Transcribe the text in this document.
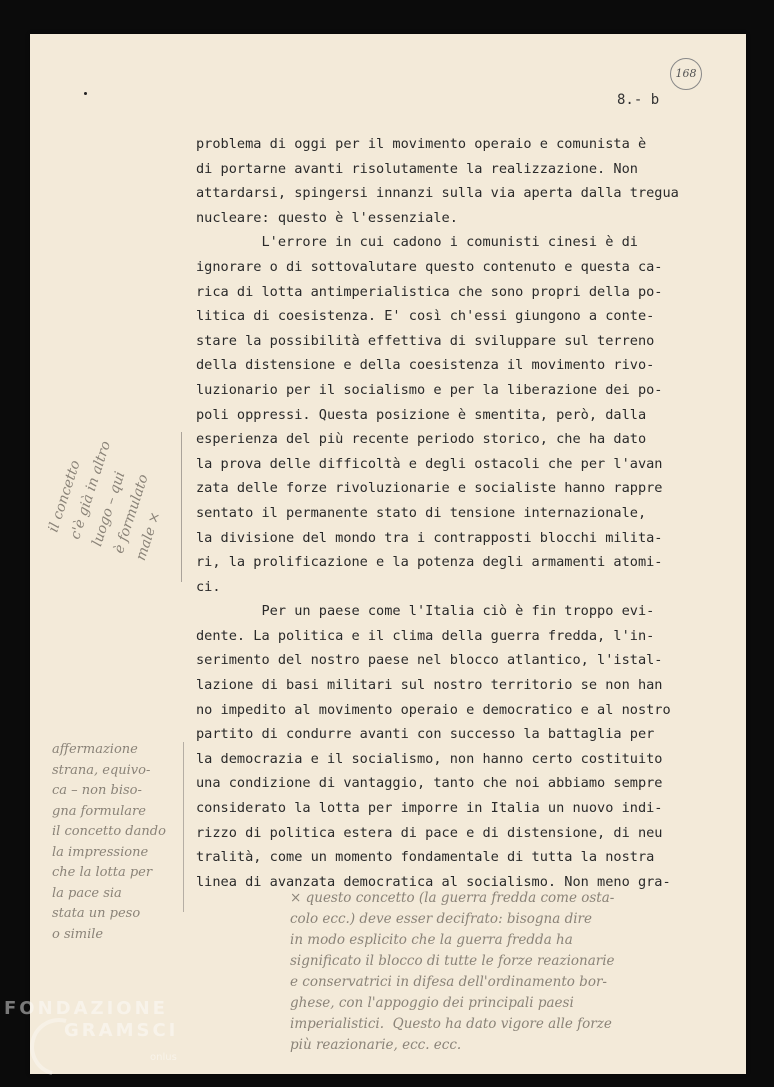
8.- b
168
problema di oggi per il movimento operaio e comunista è
di portarne avanti risolutamente la realizzazione. Non
attardarsi, spingersi innanzi sulla via aperta dalla tregua
nucleare: questo è l'essenziale.
L'errore in cui cadono i comunisti cinesi è di
ignorare o di sottovalutare questo contenuto e questa ca-
rica di lotta antimperialistica che sono propri della po-
litica di coesistenza. E' così ch'essi giungono a conte-
stare la possibilità effettiva di sviluppare sul terreno
della distensione e della coesistenza il movimento rivo-
luzionario per il socialismo e per la liberazione dei po-
poli oppressi. Questa posizione è smentita, però, dalla
esperienza del più recente periodo storico, che ha dato
la prova delle difficoltà e degli ostacoli che per l'avan
zata delle forze rivoluzionarie e socialiste hanno rappre
sentato il permanente stato di tensione internazionale,
la divisione del mondo tra i contrapposti blocchi milita-
ri, la prolificazione e la potenza degli armamenti atomi-
ci.
Per un paese come l'Italia ciò è fin troppo evi-
dente. La politica e il clima della guerra fredda, l'in-
serimento del nostro paese nel blocco atlantico, l'istal-
lazione di basi militari sul nostro territorio se non han
no impedito al movimento operaio e democratico e al nostro
partito di condurre avanti con successo la battaglia per
la democrazia e il socialismo, non hanno certo costituito
una condizione di vantaggio, tanto che noi abbiamo sempre
considerato la lotta per imporre in Italia un nuovo indi-
rizzo di politica estera di pace e di distensione, di neu
tralità, come un momento fondamentale di tutta la nostra
linea di avanzata democratica al socialismo. Non meno gra-
il concetto
c'è già in altro
luogo – qui
è formulato
male ×
affermazione
strana, equivo-
ca – non biso-
gna formulare
il concetto dando
la impressione
che la lotta per
la pace sia
stata un peso
o simile
× questo concetto (la guerra fredda come osta-
colo ecc.) deve esser decifrato: bisogna dire
in modo esplicito che la guerra fredda ha
significato il blocco di tutte le forze reazionarie
e conservatrici in difesa dell'ordinamento bor-
ghese, con l'appoggio dei principali paesi
imperialistici.  Questo ha dato vigore alle forze
più reazionarie, ecc. ecc.
FONDAZIONE
GRAMSCI
onlus
